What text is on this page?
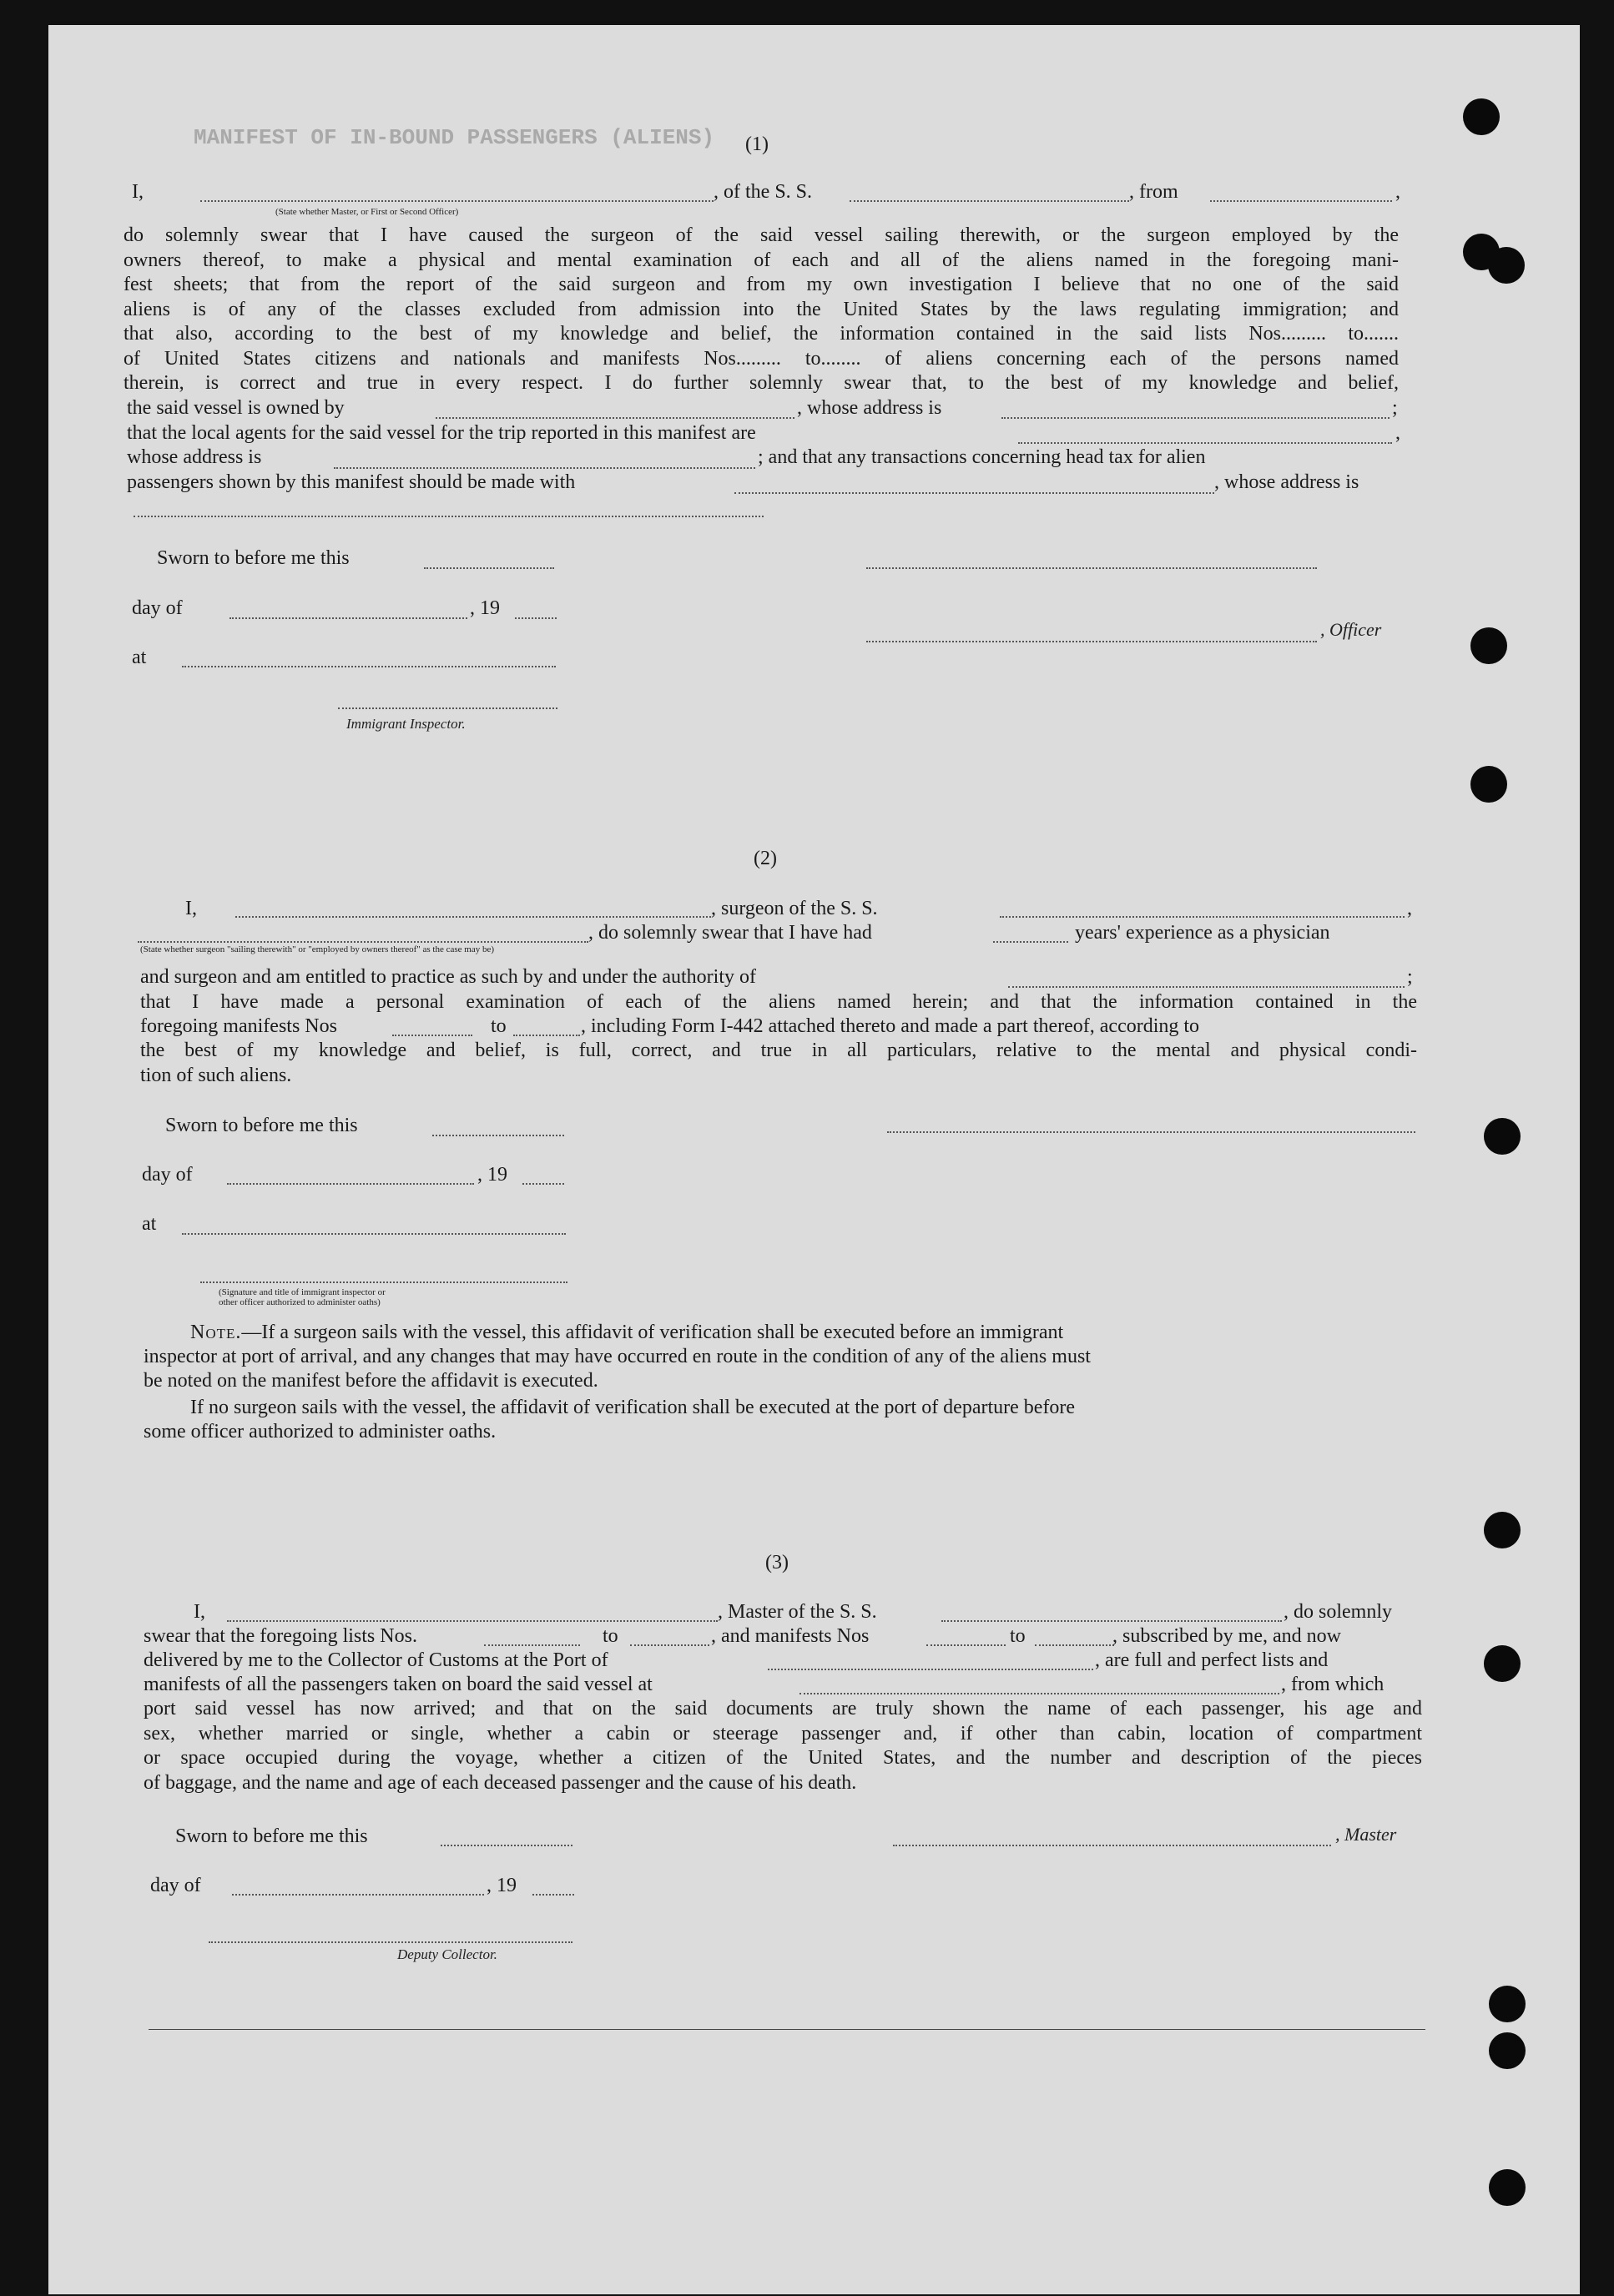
MANIFEST OF IN-BOUND PASSENGERS (ALIENS) (1)
I,	, of the S. S.	, from	,
(State whether Master, or First or Second Officer)
do solemnly swear that I have caused the surgeon of the said vessel sailing therewith, or the surgeon employed by the
owners thereof, to make a physical and mental examination of each and all of the aliens named in the foregoing mani-
fest sheets; that from the report of the said surgeon and from my own investigation I believe that no one of the said
aliens is of any of the classes excluded from admission into the United States by the laws regulating immigration; and
that also, according to the best of my knowledge and belief, the information contained in the said lists Nos......... to.......
of United States citizens and nationals and manifests Nos......... to........ of aliens concerning each of the persons named
therein, is correct and true in every respect. I do further solemnly swear that, to the best of my knowledge and belief,
the said vessel is owned by	, whose address is	;
that the local agents for the said vessel for the trip reported in this manifest are	,
whose address is	; and that any transactions concerning head tax for alien
passengers shown by this manifest should be made with	, whose address is
Sworn to before me this
day of	, 19
, Officer
at
Immigrant Inspector.
(2)
I,	, surgeon of the S. S.	,
, do solemnly swear that I have had	years' experience as a physician
(State whether surgeon "sailing therewith" or "employed by owners thereof" as the case may be)
and surgeon and am entitled to practice as such by and under the authority of	;
that I have made a personal examination of each of the aliens named herein; and that the information contained in the
foregoing manifests Nos	to	, including Form I-442 attached thereto and made a part thereof, according to
the best of my knowledge and belief, is full, correct, and true in all particulars, relative to the mental and physical condi-
tion of such aliens.
Sworn to before me this
day of	, 19
at
(Signature and title of immigrant inspector or
other officer authorized to administer oaths)
Note.—If a surgeon sails with the vessel, this affidavit of verification shall be executed before an immigrant
inspector at port of arrival, and any changes that may have occurred en route in the condition of any of the aliens must
be noted on the manifest before the affidavit is executed.
If no surgeon sails with the vessel, the affidavit of verification shall be executed at the port of departure before
some officer authorized to administer oaths.
(3)
I,	, Master of the S. S.	, do solemnly
swear that the foregoing lists Nos.	to	, and manifests Nos	to	, subscribed by me, and now
delivered by me to the Collector of Customs at the Port of	, are full and perfect lists and
manifests of all the passengers taken on board the said vessel at	, from which
port said vessel has now arrived; and that on the said documents are truly shown the name of each passenger, his age and
sex, whether married or single, whether a cabin or steerage passenger and, if other than cabin, location of compartment
or space occupied during the voyage, whether a citizen of the United States, and the number and description of the pieces
of baggage, and the name and age of each deceased passenger and the cause of his death.
Sworn to before me this	, Master
day of	, 19
Deputy Collector.
